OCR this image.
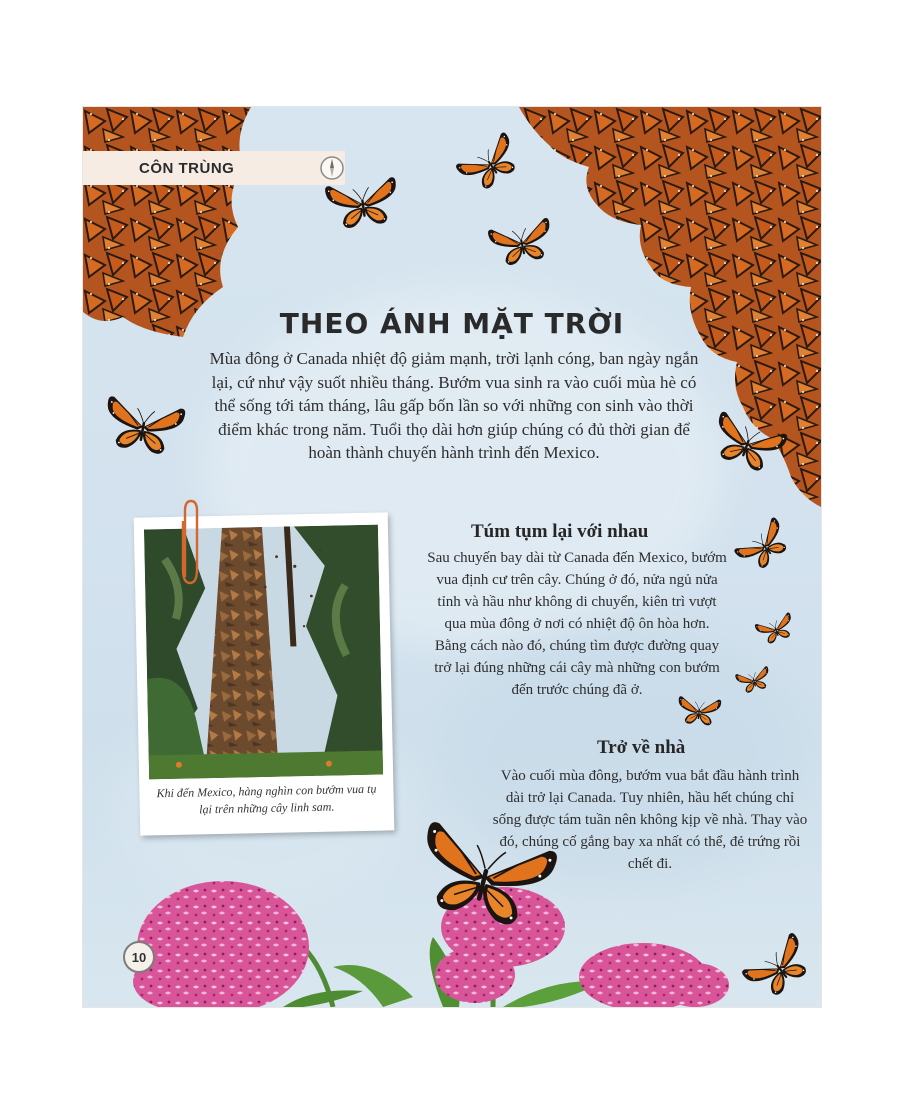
CÔN TRÙNG
THEO ÁNH MẶT TRỜI
Mùa đông ở Canada nhiệt độ giảm mạnh, trời lạnh cóng, ban ngày ngắn lại, cứ như vậy suốt nhiều tháng. Bướm vua sinh ra vào cuối mùa hè có thể sống tới tám tháng, lâu gấp bốn lần so với những con sinh vào thời điểm khác trong năm. Tuổi thọ dài hơn giúp chúng có đủ thời gian để hoàn thành chuyến hành trình đến Mexico.
Túm tụm lại với nhau
Sau chuyến bay dài từ Canada đến Mexico, bướm vua định cư trên cây. Chúng ở đó, nửa ngủ nửa tỉnh và hầu như không di chuyển, kiên trì vượt qua mùa đông ở nơi có nhiệt độ ôn hòa hơn. Bằng cách nào đó, chúng tìm được đường quay trở lại đúng những cái cây mà những con bướm đến trước chúng đã ở.
Trở về nhà
Vào cuối mùa đông, bướm vua bắt đầu hành trình dài trở lại Canada. Tuy nhiên, hầu hết chúng chỉ sống được tám tuần nên không kịp về nhà. Thay vào đó, chúng cố gắng bay xa nhất có thể, đẻ trứng rồi chết đi.
Khi đến Mexico, hàng nghìn con bướm vua tụ lại trên những cây linh sam.
10
